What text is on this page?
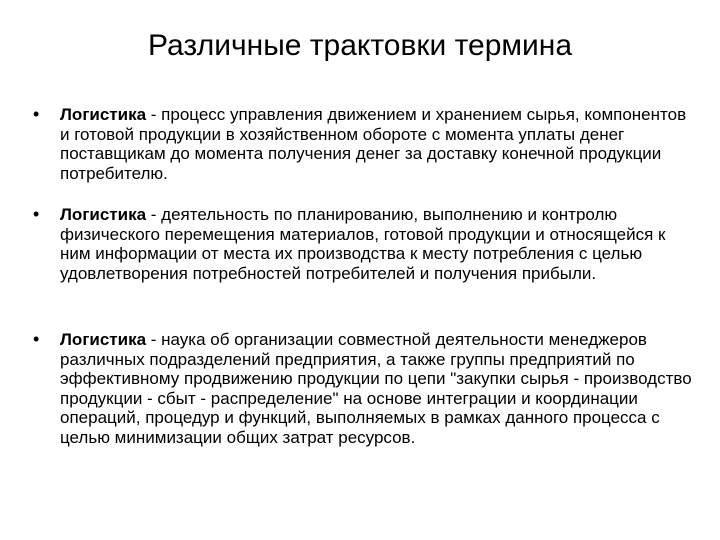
Различные трактовки термина
• Логистика - процесс управления движением и хранением сырья, компонентов и готовой продукции в хозяйственном обороте с момента уплаты денег поставщикам до момента получения денег за доставку конечной продукции потребителю.
• Логистика - деятельность по планированию, выполнению и контролю физического перемещения материалов, готовой продукции и относящейся к ним информации от места их производства к месту потребления с целью удовлетворения потребностей потребителей и получения прибыли.
• Логистика - наука об организации совместной деятельности менеджеров различных подразделений предприятия, а также группы предприятий по эффективному продвижению продукции по цепи "закупки сырья - производство продукции - сбыт - распределение" на основе интеграции и координации операций, процедур и функций, выполняемых в рамках данного процесса с целью минимизации общих затрат ресурсов.
